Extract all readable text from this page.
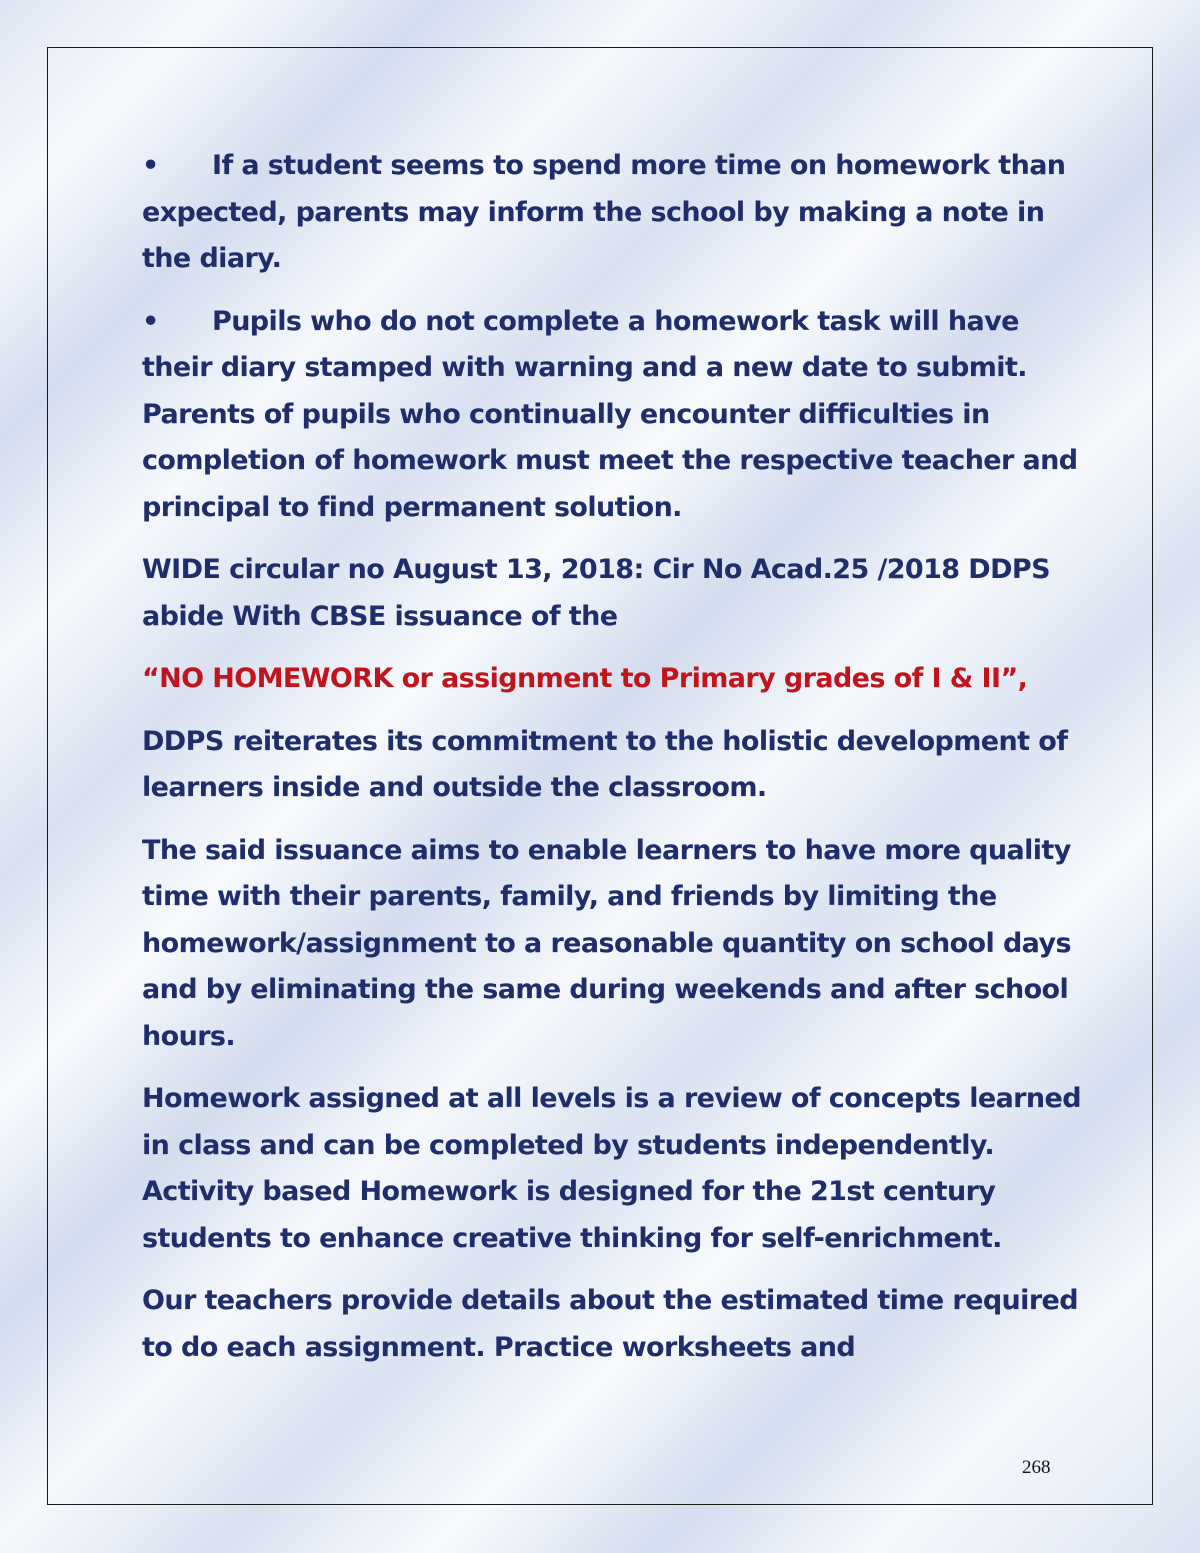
• If a student seems to spend more time on homework than expected, parents may inform the school by making a note in the diary.

• Pupils who do not complete a homework task will have their diary stamped with warning and a new date to submit. Parents of pupils who continually encounter difficulties in completion of homework must meet the respective teacher and principal to find permanent solution.

WIDE circular no August 13, 2018: Cir No Acad.25 /2018 DDPS abide With CBSE issuance of the

“NO HOMEWORK or assignment to Primary grades of I & II”,

DDPS reiterates its commitment to the holistic development of learners inside and outside the classroom.

The said issuance aims to enable learners to have more quality time with their parents, family, and friends by limiting the homework/assignment to a reasonable quantity on school days and by eliminating the same during weekends and after school hours.

Homework assigned at all levels is a review of concepts learned in class and can be completed by students independently. Activity based Homework is designed for the 21st century students to enhance creative thinking for self-enrichment.

Our teachers provide details about the estimated time required to do each assignment. Practice worksheets and

268
